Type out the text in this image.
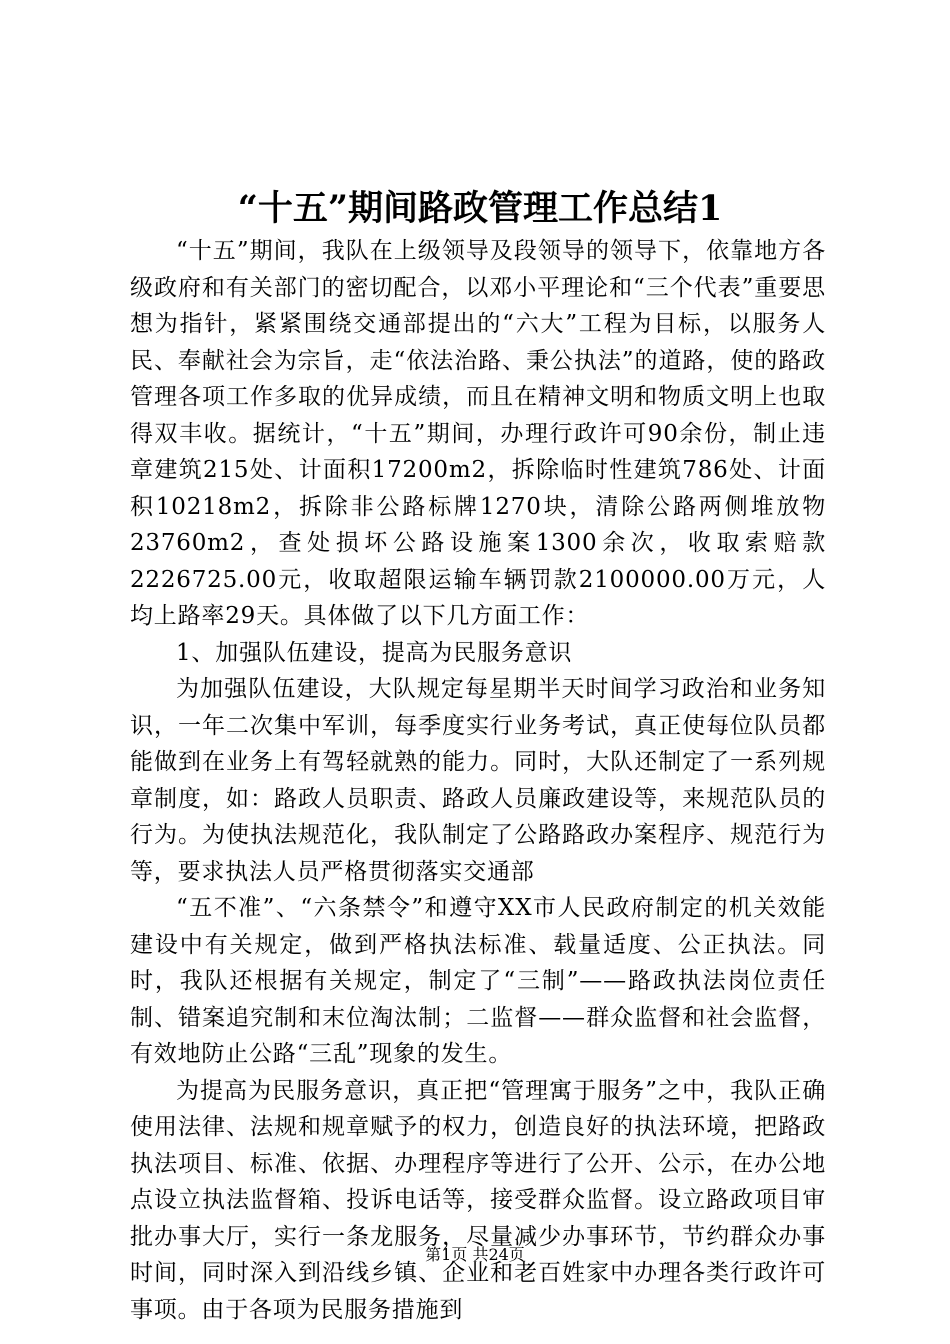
“十五”期间路政管理工作总结1

“十五”期间，我队在上级领导及段领导的领导下，依靠地方各级政府和有关部门的密切配合，以邓小平理论和“三个代表”重要思想为指针，紧紧围绕交通部提出的“六大”工程为目标，以服务人民、奉献社会为宗旨，走“依法治路、秉公执法”的道路，使的路政管理各项工作多取的优异成绩，而且在精神文明和物质文明上也取得双丰收。据统计，“十五”期间，办理行政许可90余份，制止违章建筑215处、计面积17200m2，拆除临时性建筑786处、计面积10218m2，拆除非公路标牌1270块，清除公路两侧堆放物23760m2，查处损坏公路设施案1300余次，收取索赔款2226725.00元，收取超限运输车辆罚款2100000.00万元，人均上路率29天。具体做了以下几方面工作：

1、加强队伍建设，提高为民服务意识

为加强队伍建设，大队规定每星期半天时间学习政治和业务知识，一年二次集中军训，每季度实行业务考试，真正使每位队员都能做到在业务上有驾轻就熟的能力。同时，大队还制定了一系列规章制度，如：路政人员职责、路政人员廉政建设等，来规范队员的行为。为使执法规范化，我队制定了公路路政办案程序、规范行为等，要求执法人员严格贯彻落实交通部

“五不准”、“六条禁令”和遵守XX市人民政府制定的机关效能建设中有关规定，做到严格执法标准、载量适度、公正执法。同时，我队还根据有关规定，制定了“三制”——路政执法岗位责任制、错案追究制和末位淘汰制；二监督——群众监督和社会监督，有效地防止公路“三乱”现象的发生。

为提高为民服务意识，真正把“管理寓于服务”之中，我队正确使用法律、法规和规章赋予的权力，创造良好的执法环境，把路政执法项目、标准、依据、办理程序等进行了公开、公示，在办公地点设立执法监督箱、投诉电话等，接受群众监督。设立路政项目审批办事大厅，实行一条龙服务，尽量减少办事环节，节约群众办事时间，同时深入到沿线乡镇、企业和老百姓家中办理各类行政许可事项。由于各项为民服务措施到

第1页 共24页
